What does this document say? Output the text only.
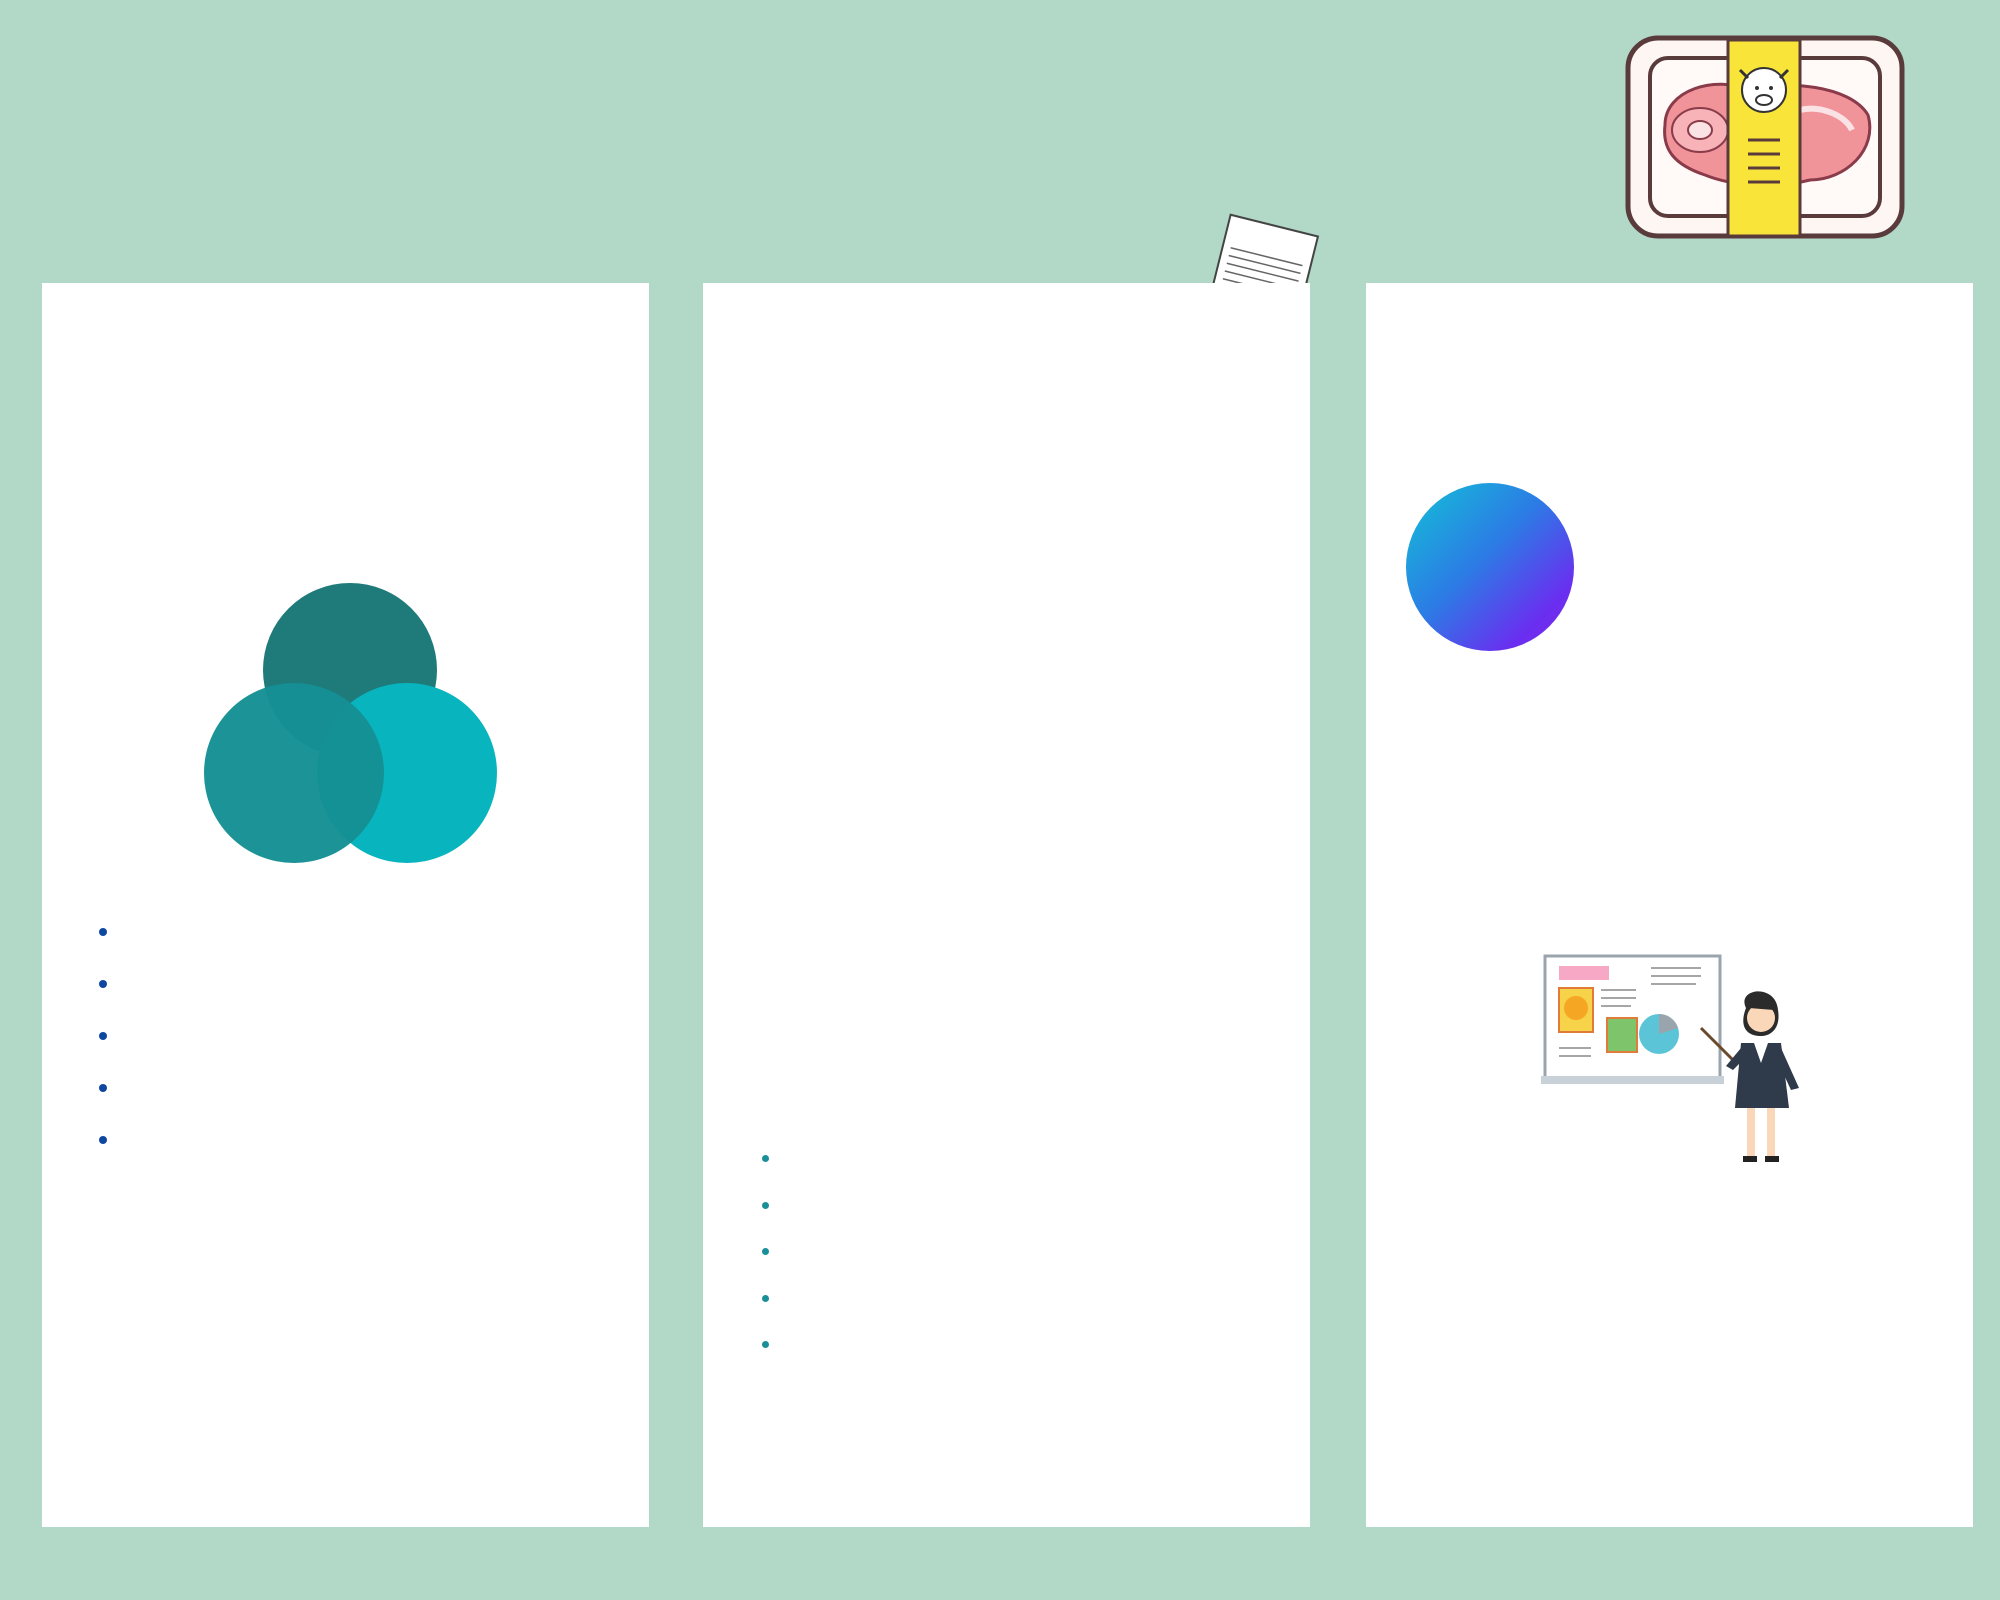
•
•
•
•
•

•
•
•
•
•
